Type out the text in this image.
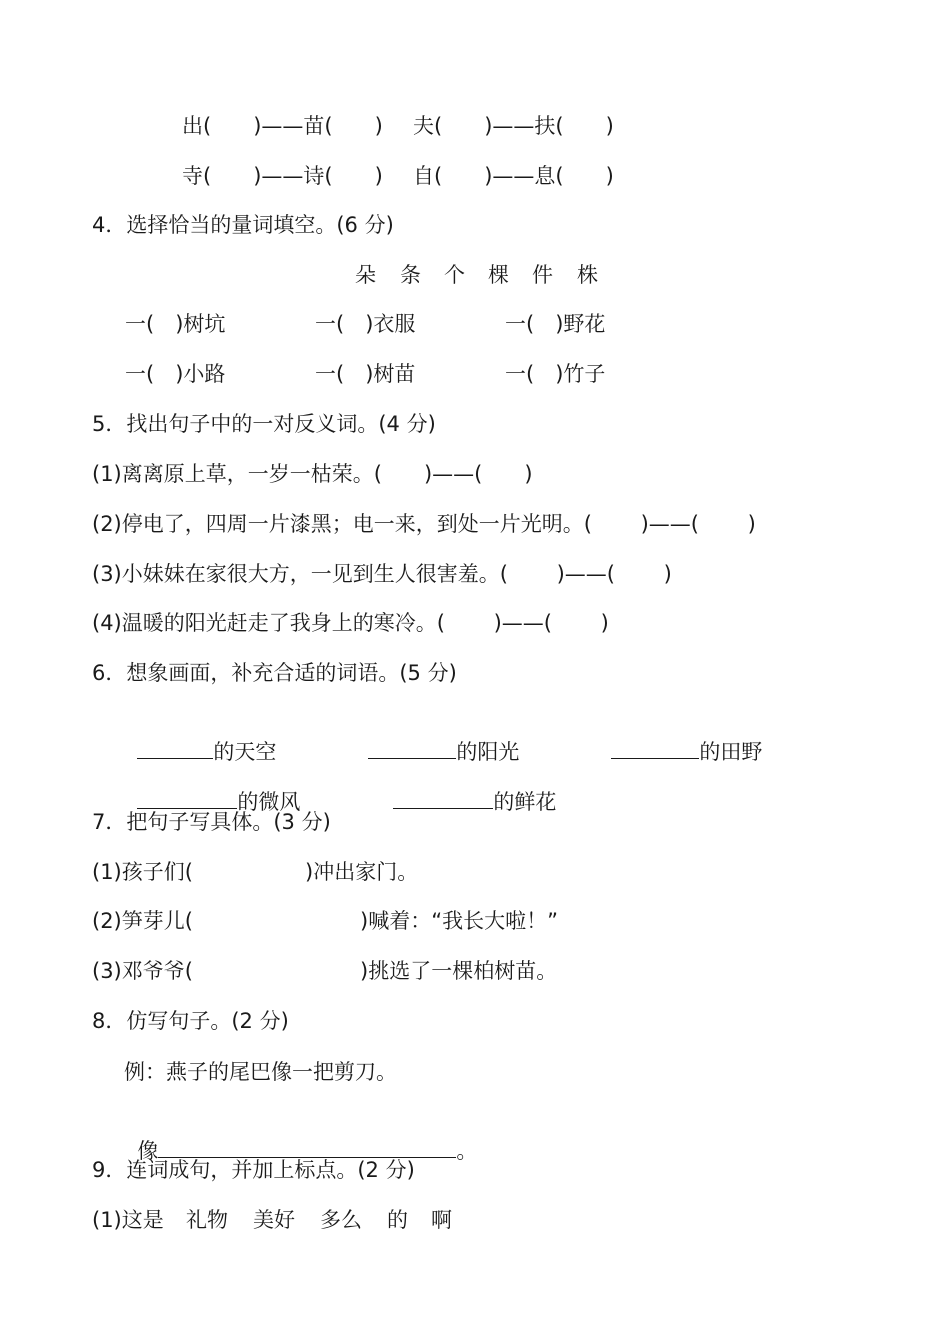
出(　　)——苗(　　) 夫(　　)——扶(　　)
寺(　　)——诗(　　) 自(　　)——息(　　)
4．选择恰当的量词填空。(6 分)
朵 条 个 棵 件 株
一(　)树坑	一(　)衣服	一(　)野花
一(　)小路	一(　)树苗	一(　)竹子
5．找出句子中的一对反义词。(4 分)
(1)离离原上草，一岁一枯荣。(　　)——(　　)
(2)停电了，四周一片漆黑；电一来，到处一片光明。(　　 )——(　　 )
(3)小妹妹在家很大方，一见到生人很害羞。(　　 )——(　　 )
(4)温暖的阳光赶走了我身上的寒冷。(　　 )——(　　 )
6．想象画面，补充合适的词语。(5 分)

的天空	的阳光	的田野

的微风	的鲜花

7．把句子写具体。(3 分)
(1)孩子们(	)冲出家门。
(2)笋芽儿(	)喊着：“我长大啦！”
(3)邓爷爷(	)挑选了一棵柏树苗。
8．仿写句子。(2 分)
例：燕子的尾巴像一把剪刀。

像	。

9．连词成句，并加上标点。(2 分)
(1)这是 礼物 美好 多么 的 啊
